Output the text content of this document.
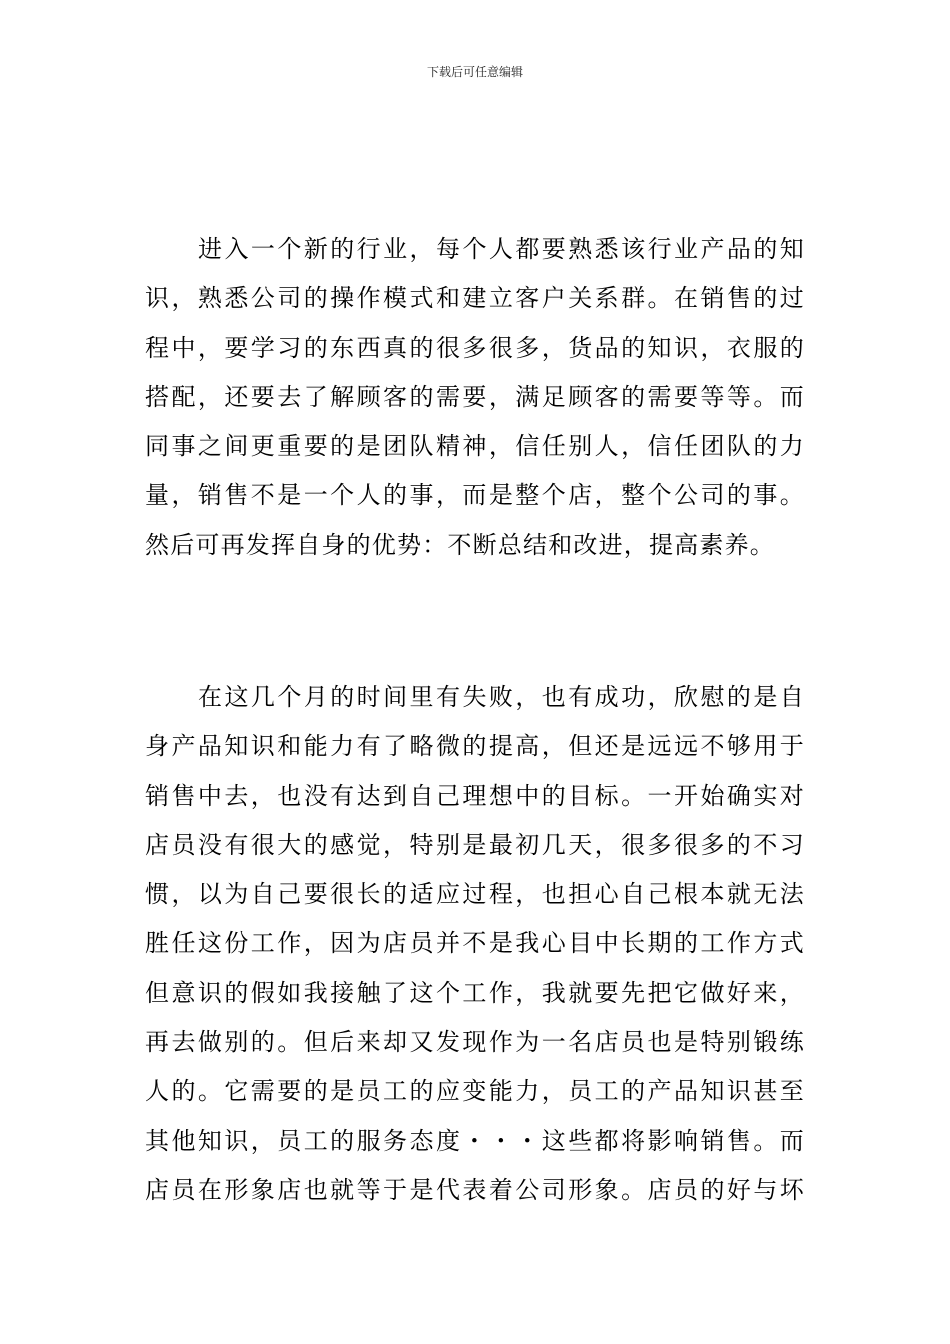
下载后可任意编辑
进入一个新的行业，每个人都要熟悉该行业产品的知
识，熟悉公司的操作模式和建立客户关系群。在销售的过
程中，要学习的东西真的很多很多，货品的知识，衣服的
搭配，还要去了解顾客的需要，满足顾客的需要等等。而
同事之间更重要的是团队精神，信任别人，信任团队的力
量，销售不是一个人的事，而是整个店，整个公司的事。
然后可再发挥自身的优势：不断总结和改进，提高素养。
在这几个月的时间里有失败，也有成功，欣慰的是自
身产品知识和能力有了略微的提高，但还是远远不够用于
销售中去，也没有达到自己理想中的目标。一开始确实对
店员没有很大的感觉，特别是最初几天，很多很多的不习
惯，以为自己要很长的适应过程，也担心自己根本就无法
胜任这份工作，因为店员并不是我心目中长期的工作方式
但意识的假如我接触了这个工作，我就要先把它做好来，
再去做别的。但后来却又发现作为一名店员也是特别锻练
人的。它需要的是员工的应变能力，员工的产品知识甚至
其他知识，员工的服务态度・・・这些都将影响销售。而
店员在形象店也就等于是代表着公司形象。店员的好与坏
